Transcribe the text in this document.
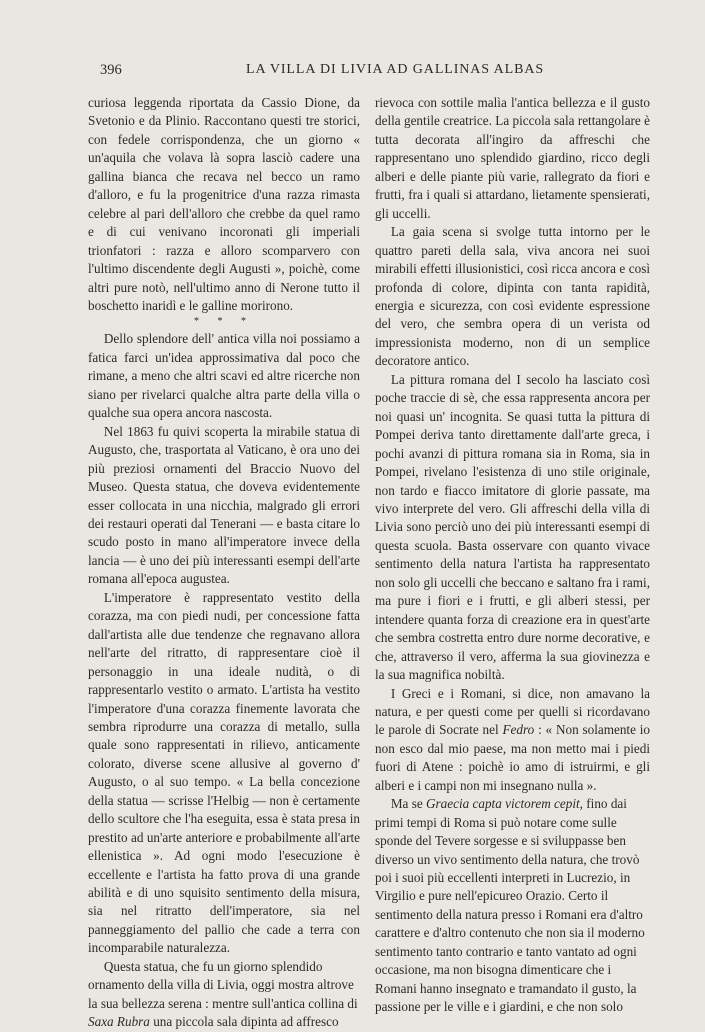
396	LA VILLA DI LIVIA AD GALLINAS ALBAS

curiosa leggenda riportata da Cassio Dione, da Svetonio e da Plinio. Raccontano questi tre storici, con fedele corrispondenza, che un giorno « un'aquila che volava là sopra lasciò cadere una gallina bianca che recava nel becco un ramo d'alloro, e fu la progenitrice d'una razza rimasta celebre al pari dell'alloro che crebbe da quel ramo e di cui venivano incoronati gli imperiali trionfatori : razza e alloro scomparvero con l'ultimo discendente degli Augusti », poichè, come altri pure notò, nell'ultimo anno di Nerone tutto il boschetto inaridì e le galline morirono.

* * *

Dello splendore dell' antica villa noi possiamo a fatica farci un'idea approssimativa dal poco che rimane, a meno che altri scavi ed altre ricerche non siano per rivelarci qualche altra parte della villa o qualche sua opera ancora nascosta.

Nel 1863 fu quivi scoperta la mirabile statua di Augusto, che, trasportata al Vaticano, è ora uno dei più preziosi ornamenti del Braccio Nuovo del Museo. Questa statua, che doveva evidentemente esser collocata in una nicchia, malgrado gli errori dei restauri operati dal Tenerani — e basta citare lo scudo posto in mano all'imperatore invece della lancia — è uno dei più interessanti esempi dell'arte romana all'epoca augustea.

L'imperatore è rappresentato vestito della corazza, ma con piedi nudi, per concessione fatta dall'artista alle due tendenze che regnavano allora nell'arte del ritratto, di rappresentare cioè il personaggio in una ideale nudità, o di rappresentarlo vestito o armato. L'artista ha vestito l'imperatore d'una corazza finemente lavorata che sembra riprodurre una corazza di metallo, sulla quale sono rappresentati in rilievo, anticamente colorato, diverse scene allusive al governo d' Augusto, o al suo tempo. « La bella concezione della statua — scrisse l'Helbig — non è certamente dello scultore che l'ha eseguita, essa è stata presa in prestito ad un'arte anteriore e probabilmente all'arte ellenistica ». Ad ogni modo l'esecuzione è eccellente e l'artista ha fatto prova di una grande abilità e di uno squisito sentimento della misura, sia nel ritratto dell'imperatore, sia nel panneggiamento del pallio che cade a terra con incomparabile naturalezza.

Questa statua, che fu un giorno splendido ornamento della villa di Livia, oggi mostra altrove la sua bellezza serena : mentre sull'antica collina di Saxa Rubra una piccola sala dipinta ad affresco

rievoca con sottile malìa l'antica bellezza e il gusto della gentile creatrice. La piccola sala rettangolare è tutta decorata all'ingiro da affreschi che rappresentano uno splendido giardino, ricco degli alberi e delle piante più varie, rallegrato da fiori e frutti, fra i quali si attardano, lietamente spensierati, gli uccelli.

La gaia scena si svolge tutta intorno per le quattro pareti della sala, viva ancora nei suoi mirabili effetti illusionistici, così ricca ancora e così profonda di colore, dipinta con tanta rapidità, energia e sicurezza, con così evidente espressione del vero, che sembra opera di un verista od impressionista moderno, non di un semplice decoratore antico.

La pittura romana del I secolo ha lasciato così poche traccie di sè, che essa rappresenta ancora per noi quasi un' incognita. Se quasi tutta la pittura di Pompei deriva tanto direttamente dall'arte greca, i pochi avanzi di pittura romana sia in Roma, sia in Pompei, rivelano l'esistenza di uno stile originale, non tardo e fiacco imitatore di glorie passate, ma vivo interprete del vero. Gli affreschi della villa di Livia sono perciò uno dei più interessanti esempi di questa scuola. Basta osservare con quanto vivace sentimento della natura l'artista ha rappresentato non solo gli uccelli che beccano e saltano fra i rami, ma pure i fiori e i frutti, e gli alberi stessi, per intendere quanta forza di creazione era in quest'arte che sembra costretta entro dure norme decorative, e che, attraverso il vero, afferma la sua giovinezza e la sua magnifica nobiltà.

I Greci e i Romani, si dice, non amavano la natura, e per questi come per quelli si ricordavano le parole di Socrate nel Fedro : « Non solamente io non esco dal mio paese, ma non metto mai i piedi fuori di Atene : poichè io amo di istruirmi, e gli alberi e i campi non mi insegnano nulla ».

Ma se Graecia capta victorem cepit, fino dai primi tempi di Roma si può notare come sulle sponde del Tevere sorgesse e si sviluppasse ben diverso un vivo sentimento della natura, che trovò poi i suoi più eccellenti interpreti in Lucrezio, in Virgilio e pure nell'epicureo Orazio. Certo il sentimento della natura presso i Romani era d'altro carattere e d'altro contenuto che non sia il moderno sentimento tanto contrario e tanto vantato ad ogni occasione, ma non bisogna dimenticare che i Romani hanno insegnato e tramandato il gusto, la passione per le ville e i giardini, e che non solo
